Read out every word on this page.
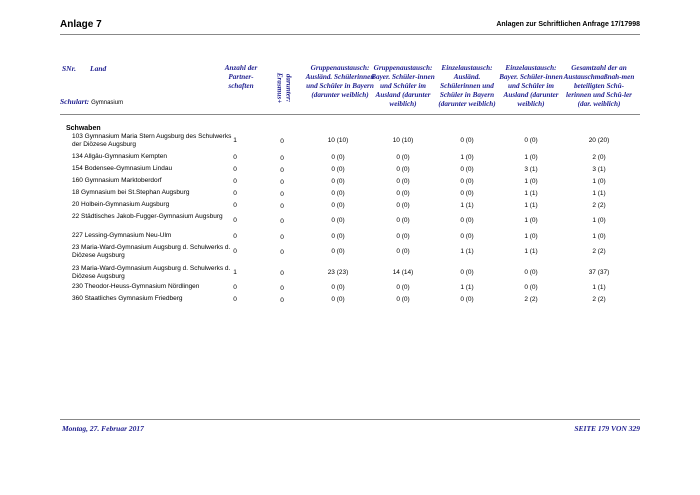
Anlage 7	Anlagen zur Schriftlichen Anfrage 17/17998
SNr. Land
Schulart: Gymnasium
Anzahl der Partner-schaften	darunter:
Erasmus+
Gruppenaustausch: Ausländ. Schülerinnen und Schüler in Bayern (darunter weiblich)
Gruppenaustausch: Bayer. Schüler-innen und Schüler im Ausland (darunter weiblich)
Einzelaustausch: Ausländ. Schülerinnen und Schüler in Bayern (darunter weiblich)
Einzelaustausch: Bayer. Schüler-innen und Schüler im Ausland (darunter weiblich)
Gesamtzahl der an Austauschmaßnah-men beteiligten Schü-lerinnen und Schü-ler (dar. weiblich)
Schwaben
103 Gymnasium Maria Stern Augsburg des Schulwerks der Diözese Augsburg
1	0	10 (10)	10 (10)	0 (0)	0 (0)	20 (20)
134 Allgäu-Gymnasium Kempten	0	0	0 (0)	0 (0)	1 (0)	1 (0)	2 (0)
154 Bodensee-Gymnasium Lindau	0	0	0 (0)	0 (0)	0 (0)	3 (1)	3 (1)
160 Gymnasium Marktoberdorf	0	0	0 (0)	0 (0)	0 (0)	1 (0)	1 (0)
18 Gymnasium bei St.Stephan Augsburg	0	0	0 (0)	0 (0)	0 (0)	1 (1)	1 (1)
20 Holbein-Gymnasium Augsburg	0	0	0 (0)	0 (0)	1 (1)	1 (1)	2 (2)
22 Städtisches Jakob-Fugger-Gymnasium Augsburg
0	0	0 (0)	0 (0)	0 (0)	1 (0)	1 (0)
227 Lessing-Gymnasium Neu-Ulm	0	0	0 (0)	0 (0)	0 (0)	1 (0)	1 (0)
23 Maria-Ward-Gymnasium Augsburg d. Schulwerks d. Diözese Augsburg
0	0	0 (0)	0 (0)	1 (1)	1 (1)	2 (2)
23 Maria-Ward-Gymnasium Augsburg d. Schulwerks d. Diözese Augsburg
1	0	23 (23)	14 (14)	0 (0)	0 (0)	37 (37)
230 Theodor-Heuss-Gymnasium Nördlingen	0	0	0 (0)	0 (0)	1 (1)	0 (0)	1 (1)
360 Staatliches Gymnasium Friedberg	0	0	0 (0)	0 (0)	0 (0)	2 (2)	2 (2)
Montag, 27. Februar 2017	SEITE 179 VON 329
